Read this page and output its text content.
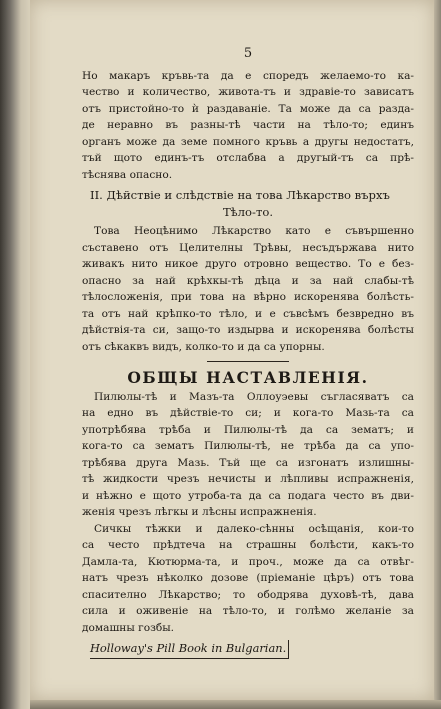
5

Но макаръ кръвь-та да е споредъ желаемо-то ка-

чество и количество, живота-тъ и здравіе-то зависатъ

отъ пристойно-то ѝ раздаваніе. Та може да са разда-

де неравно въ разны-тѣ части на тѣло-то; единъ

органъ може да земе помного кръвь а другы недостатъ,

тъй щото единъ-тъ отслабва а другый-тъ са прѣ-

тѣснява опасно.

II. Дѣйствіе и слѣдствіе на това Лѣкарство върхъ

Тѣло-то.

Това Неоцѣнимо Лѣкарство като е съвършенно

съставено отъ Целителны Трѣвы, несъдържава нито

живакъ нито никое друго отровно вещество. То е без-

опасно за най крѣхкы-тѣ дѣца и за най слабы-тѣ

тѣлосложенія, при това на вѣрно искоренява болѣсть-

та отъ най крѣпко-то тѣло, и е съвсѣмъ безвредно въ

дѣйствія-та си, защо-то издырва и искоренява болѣсты

отъ сѣкаквъ видъ, колко-то и да са упорны.

ОБЩЫ НАСТАВЛЕНІЯ.

Пилюлы-тѣ и Мазъ-та Оллоуэевы съгласяватъ са

на едно въ дѣйствіе-то си; и кога-то Мазь-та са

употрѣбява трѣба и Пилюлы-тѣ да са зематъ; и

кога-то са зематъ Пилюлы-тѣ, не трѣба да са упо-

трѣбява друга Мазь. Тъй ще са изгонатъ излишны-

тѣ жидкости чрезъ нечисты и лѣпливы испражненія,

и нѣжно е щото утроба-та да са подага често въ дви-

женія чрезъ лѣгкы и лѣсны испражненія.

Сичкы тѣжки и далеко-сѣнны осѣщанія, кои-то

са често прѣдтеча на страшны болѣсти, какъ-то

Дамла-та, Кютюрма-та, и проч., може да са отвѣг-

натъ чрезъ нѣколко дозове (пріеманіе цѣръ) отъ това

спасително Лѣкарство; то ободрява духовѣ-тѣ, дава

сила и оживеніе на тѣло-то, и голѣмо желаніе за

домашны гозбы.

Holloway's Pill Book in Bulgarian.
